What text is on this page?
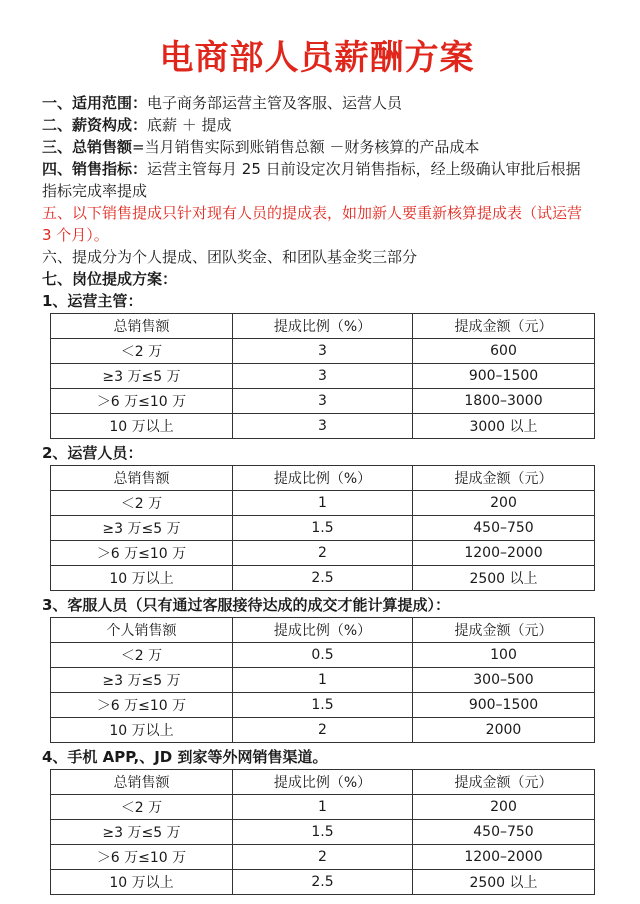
电商部人员薪酬方案

一、适用范围：电子商务部运营主管及客服、运营人员

二、薪资构成：底薪 ＋ 提成

三、总销售额=当月销售实际到账销售总额 －财务核算的产品成本

四、销售指标：运营主管每月 25 日前设定次月销售指标，经上级确认审批后根据指标完成率提成

五、以下销售提成只针对现有人员的提成表，如加新人要重新核算提成表（试运营 3 个月）。

六、提成分为个人提成、团队奖金、和团队基金奖三部分

七、岗位提成方案：

1、运营主管：

总销售额	提成比例（%）	提成金额（元）
＜2 万	3	600
≥3 万≤5 万	3	900–1500
＞6 万≤10 万	3	1800–3000
10 万以上	3	3000 以上

2、运营人员：

总销售额	提成比例（%）	提成金额（元）
＜2 万	1	200
≥3 万≤5 万	1.5	450–750
＞6 万≤10 万	2	1200–2000
10 万以上	2.5	2500 以上

3、客服人员（只有通过客服接待达成的成交才能计算提成）：

个人销售额	提成比例（%）	提成金额（元）
＜2 万	0.5	100
≥3 万≤5 万	1	300–500
＞6 万≤10 万	1.5	900–1500
10 万以上	2	2000

4、手机 APP,、JD 到家等外网销售渠道。

总销售额	提成比例（%）	提成金额（元）
＜2 万	1	200
≥3 万≤5 万	1.5	450–750
＞6 万≤10 万	2	1200–2000
10 万以上	2.5	2500 以上
